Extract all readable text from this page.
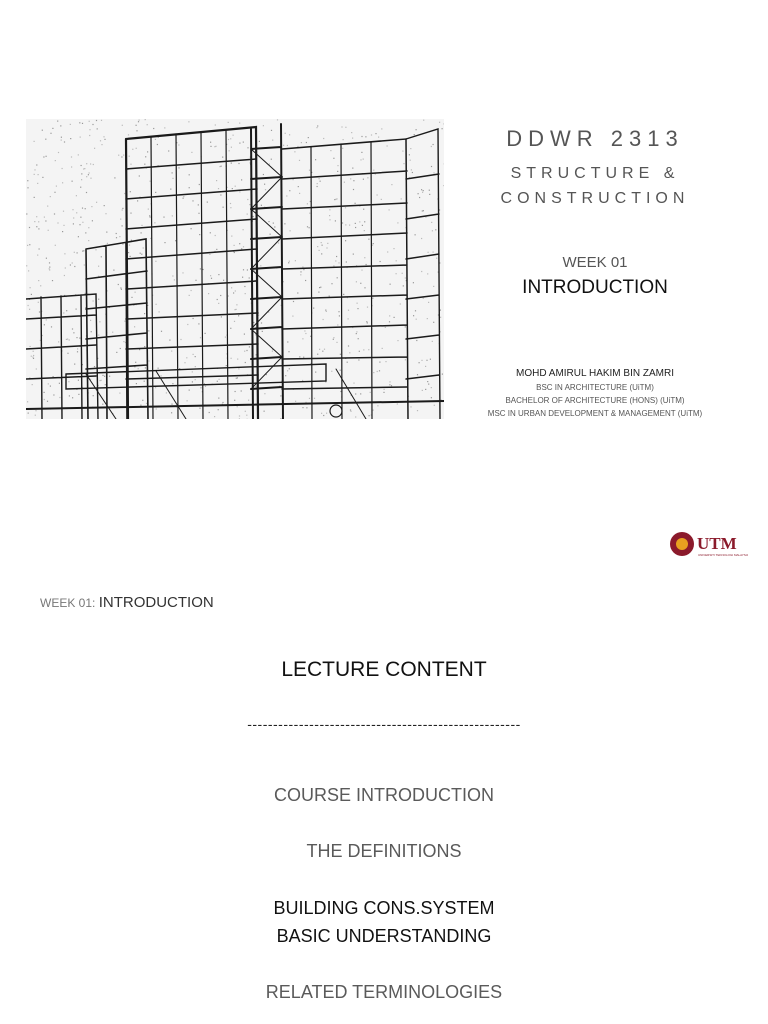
DDWR 2313
STRUCTURE &
CONSTRUCTION
WEEK 01
INTRODUCTION
MOHD AMIRUL HAKIM BIN ZAMRI
BSC IN ARCHITECTURE (UiTM)
BACHELOR OF ARCHITECTURE (HONS) (UiTM)
MSC IN URBAN DEVELOPMENT & MANAGEMENT (UiTM)
UTM
UNIVERSITI TEKNOLOGI MALAYSIA
WEEK 01: INTRODUCTION
LECTURE CONTENT
-----------------------------------------------------
COURSE INTRODUCTION
THE DEFINITIONS
BUILDING CONS.SYSTEM
BASIC UNDERSTANDING
RELATED TERMINOLOGIES
